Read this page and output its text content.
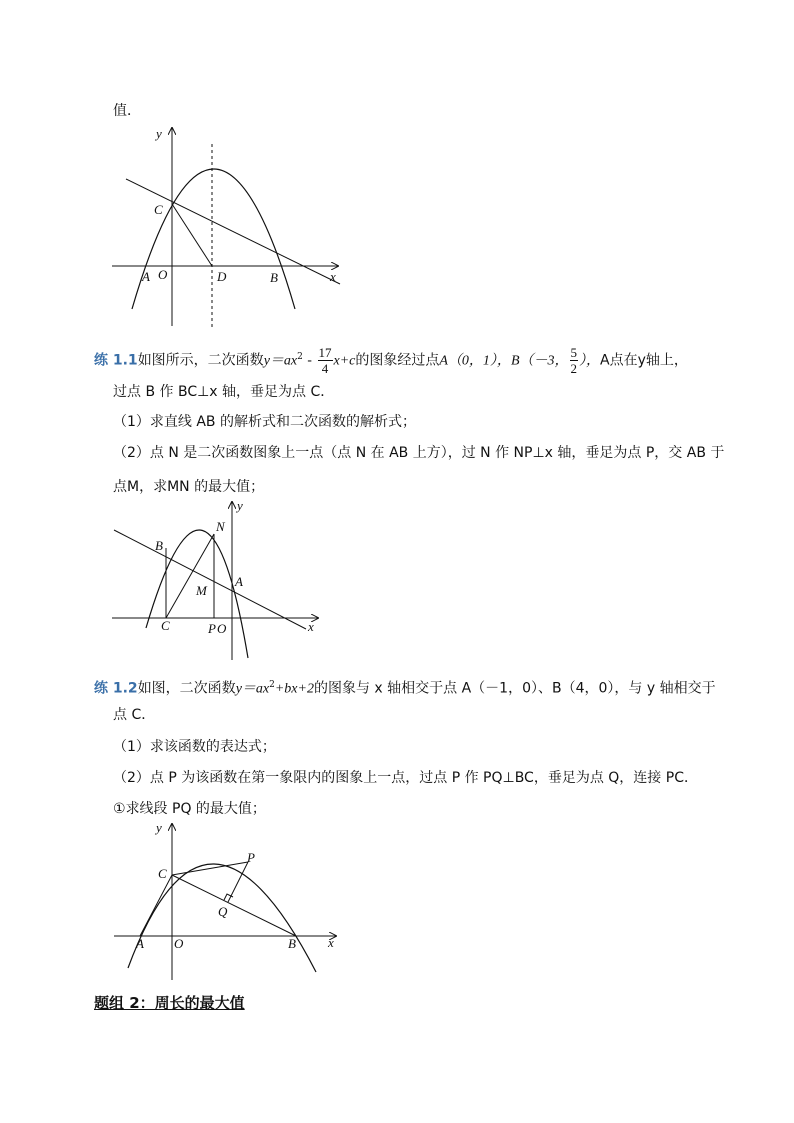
值．
y
C
A O	D	B	x
练 1.1如图所示，二次函数$y=ax^2 - \frac{17}{4} x+c$的图象经过点A（0，1），B（－3， $\frac{5}{2}$ ），A点在y轴上，
过点 B 作 BC⊥x 轴，垂足为点 C．
（1）求直线 AB 的解析式和二次函数的解析式；
（2）点 N 是二次函数图象上一点（点 N 在 AB 上方），过 N 作 NP⊥x 轴，垂足为点 P，交 AB 于
点M，求MN 的最大值；
y
N
B
A
M
C	P O	x
练 1.2如图，二次函数$y=ax^2+bx+2$的图象与 x 轴相交于点 A（－1，0）、B（4，0），与 y 轴相交于
点 C．
（1）求该函数的表达式；
（2）点 P 为该函数在第一象限内的图象上一点，过点 P 作 PQ⊥BC，垂足为点 Q，连接 PC．
①求线段 PQ 的最大值；
y
C
P
Q
A O	B x
题组 2：周长的最大值
